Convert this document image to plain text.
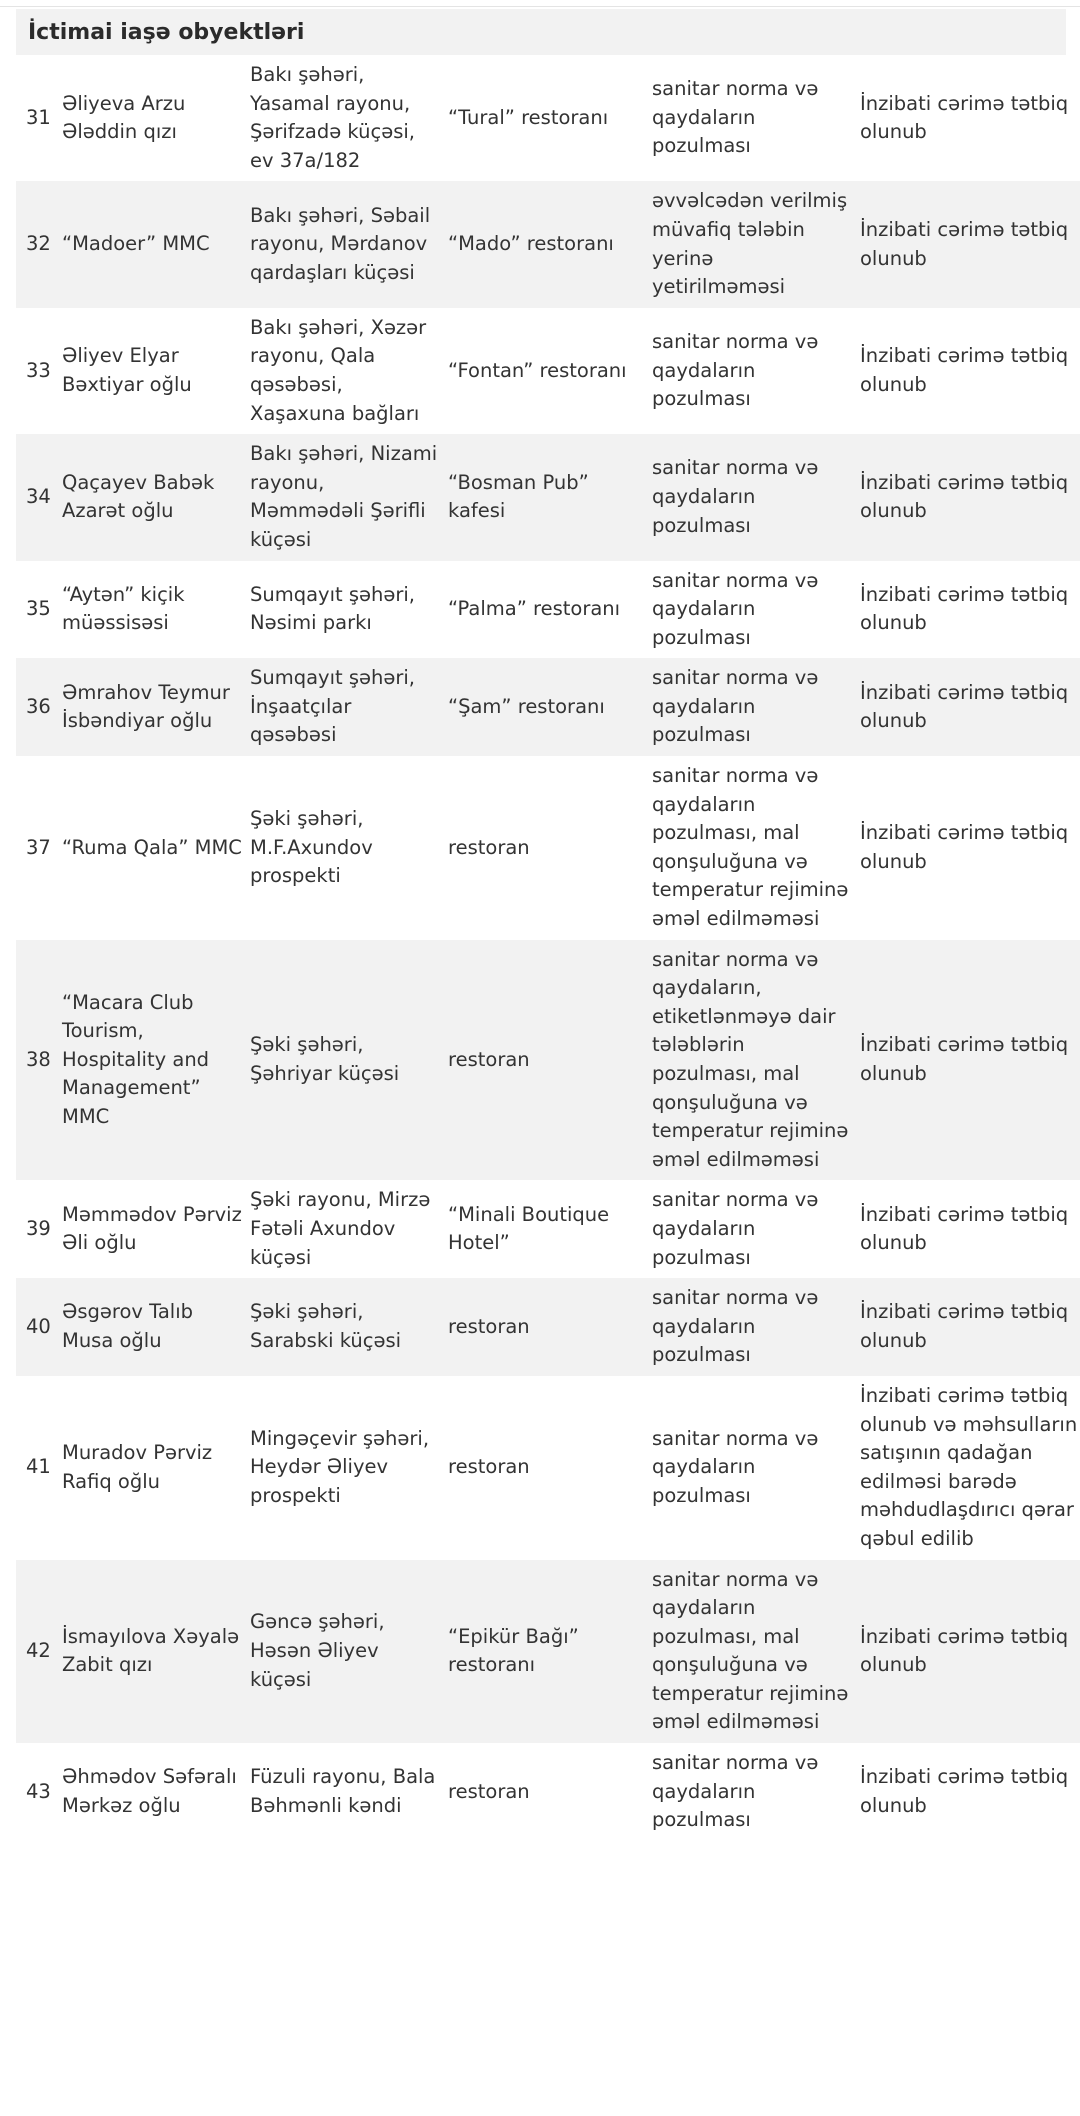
İctimai iaşə obyektləri
31	Əliyeva Arzu Ələddin qızı	Bakı şəhəri, Yasamal rayonu, Şərifzadə küçəsi, ev 37a/182	“Tural” restoranı	sanitar norma və qaydaların pozulması	İnzibati cərimə tətbiq olunub
32	“Madoer” MMC	Bakı şəhəri, Səbail rayonu, Mərdanov qardaşları küçəsi	“Mado” restoranı	əvvəlcədən verilmiş müvafiq tələbin yerinə yetirilməməsi	İnzibati cərimə tətbiq olunub
33	Əliyev Elyar Bəxtiyar oğlu	Bakı şəhəri, Xəzər rayonu, Qala qəsəbəsi, Xaşaxuna bağları	“Fontan” restoranı	sanitar norma və qaydaların pozulması	İnzibati cərimə tətbiq olunub
34	Qaçayev Babək Azarət oğlu	Bakı şəhəri, Nizami rayonu, Məmmədəli Şərifli küçəsi	“Bosman Pub” kafesi	sanitar norma və qaydaların pozulması	İnzibati cərimə tətbiq olunub
35	“Aytən” kiçik müəssisəsi	Sumqayıt şəhəri, Nəsimi parkı	“Palma” restoranı	sanitar norma və qaydaların pozulması	İnzibati cərimə tətbiq olunub
36	Əmrahov Teymur İsbəndiyar oğlu	Sumqayıt şəhəri, İnşaatçılar qəsəbəsi	“Şam” restoranı	sanitar norma və qaydaların pozulması	İnzibati cərimə tətbiq olunub
37	“Ruma Qala” MMC	Şəki şəhəri, M.F.Axundov prospekti	restoran	sanitar norma və qaydaların pozulması, mal qonşuluğuna və temperatur rejiminə əməl edilməməsi	İnzibati cərimə tətbiq olunub
38	“Macara Club Tourism, Hospitality and Management” MMC	Şəki şəhəri, Şəhriyar küçəsi	restoran	sanitar norma və qaydaların, etiketlənməyə dair tələblərin pozulması, mal qonşuluğuna və temperatur rejiminə əməl edilməməsi	İnzibati cərimə tətbiq olunub
39	Məmmədov Pərviz Əli oğlu	Şəki rayonu, Mirzə Fətəli Axundov küçəsi	“Minali Boutique Hotel”	sanitar norma və qaydaların pozulması	İnzibati cərimə tətbiq olunub
40	Əsgərov Talıb Musa oğlu	Şəki şəhəri, Sarabski küçəsi	restoran	sanitar norma və qaydaların pozulması	İnzibati cərimə tətbiq olunub
41	Muradov Pərviz Rafiq oğlu	Mingəçevir şəhəri, Heydər Əliyev prospekti	restoran	sanitar norma və qaydaların pozulması	İnzibati cərimə tətbiq olunub və məhsulların satışının qadağan edilməsi barədə məhdudlaşdırıcı qərar qəbul edilib
42	İsmayılova Xəyalə Zabit qızı	Gəncə şəhəri, Həsən Əliyev küçəsi	“Epikür Bağı” restoranı	sanitar norma və qaydaların pozulması, mal qonşuluğuna və temperatur rejiminə əməl edilməməsi	İnzibati cərimə tətbiq olunub
43	Əhmədov Səfəralı Mərkəz oğlu	Füzuli rayonu, Bala Bəhmənli kəndi	restoran	sanitar norma və qaydaların pozulması	İnzibati cərimə tətbiq olunub
